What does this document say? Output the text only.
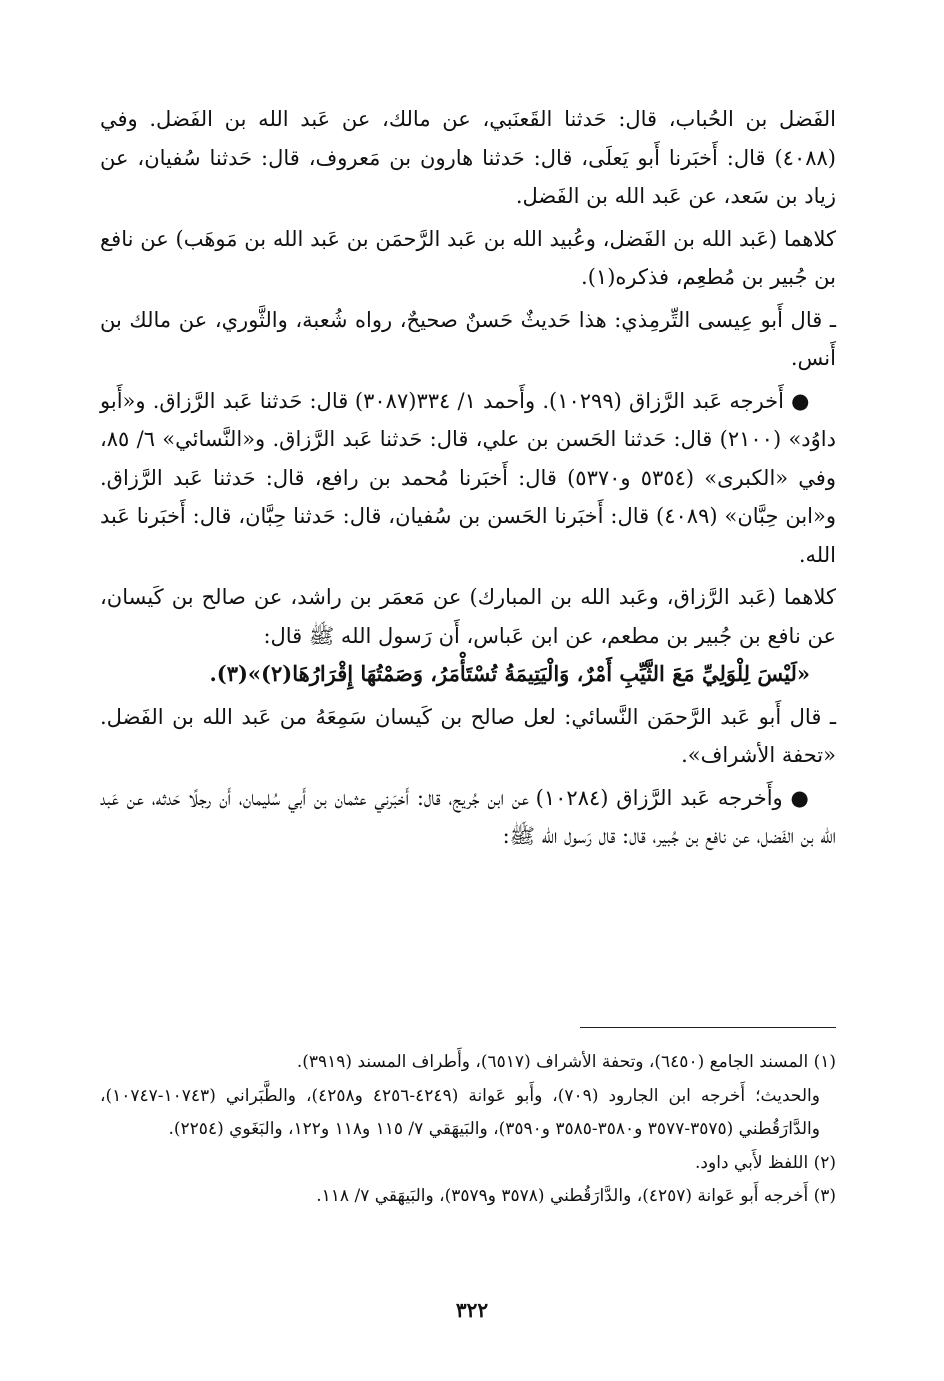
الفَضل بن الحُباب، قال: حَدثنا القَعنَبي، عن مالك، عن عَبد الله بن الفَضل. وفي (٤٠٨٨) قال: أَخبَرنا أَبو يَعلَى، قال: حَدثنا هارون بن مَعروف، قال: حَدثنا سُفيان، عن زياد بن سَعد، عن عَبد الله بن الفَضل.

كلاهما (عَبد الله بن الفَضل، وعُبيد الله بن عَبد الرَّحمَن بن عَبد الله بن مَوهَب) عن نافع بن جُبير بن مُطعِم، فذكره(١).

ـ قال أَبو عِيسى التِّرمِذي: هذا حَديثٌ حَسنٌ صحيحٌ، رواه شُعبة، والثَّوري، عن مالك بن أَنس.

● أَخرجه عَبد الرَّزاق (١٠٢٩٩). وأَحمد ١/ ٣٣٤(٣٠٨٧) قال: حَدثنا عَبد الرَّزاق. و«أَبو داوُد» (٢١٠٠) قال: حَدثنا الحَسن بن علي، قال: حَدثنا عَبد الرَّزاق. و«النَّسائي» ٦/ ٨٥، وفي «الكبرى» (٥٣٥٤ و٥٣٧٠) قال: أَخبَرنا مُحمد بن رافع، قال: حَدثنا عَبد الرَّزاق. و«ابن حِبَّان» (٤٠٨٩) قال: أَخبَرنا الحَسن بن سُفيان، قال: حَدثنا حِبَّان، قال: أَخبَرنا عَبد الله.

كلاهما (عَبد الرَّزاق، وعَبد الله بن المبارك) عن مَعمَر بن راشد، عن صالح بن كَيسان، عن نافع بن جُبير بن مطعم، عن ابن عَباس، أَن رَسول الله ﷺ قال:

«لَيْسَ لِلْوَلِيِّ مَعَ الثَّيِّبِ أَمْرٌ، وَالْيَتِيمَةُ تُسْتَأْمَرُ، وَصَمْتُهَا إِقْرَارُهَا(٢)»(٣).

ـ قال أَبو عَبد الرَّحمَن النَّسائي: لعل صالح بن كَيسان سَمِعَهُ من عَبد الله بن الفَضل. «تحفة الأشراف».

● وأَخرجه عَبد الرَّزاق (١٠٢٨٤) عن ابن جُريج، قال: أَخبَرني عثمان بن أَبي سُليمان، أَن رجلًا حَدثه، عن عَبد الله بن الفَضل، عن نافع بن جُبير، قال: قال رَسول الله ﷺ:

(١) المسند الجامع (٦٤٥٠)، وتحفة الأشراف (٦٥١٧)، وأَطراف المسند (٣٩١٩).

والحديث؛ أَخرجه ابن الجارود (٧٠٩)، وأَبو عَوانة (٤٢٤٩-٤٢٥٦ و٤٢٥٨)، والطَّبَراني (١٠٧٤٣-١٠٧٤٧)، والدَّارَقُطني (٣٥٧٥-٣٥٧٧ و٣٥٨٠-٣٥٨٥ و٣٥٩٠)، والبَيهَقي ٧/ ١١٥ و١١٨ و١٢٢، والبَغَوي (٢٢٥٤).

(٢) اللفظ لأَبي داود.

(٣) أَخرجه أَبو عَوانة (٤٢٥٧)، والدَّارَقُطني (٣٥٧٨ و٣٥٧٩)، والبَيهَقي ٧/ ١١٨.

٣٢٢
